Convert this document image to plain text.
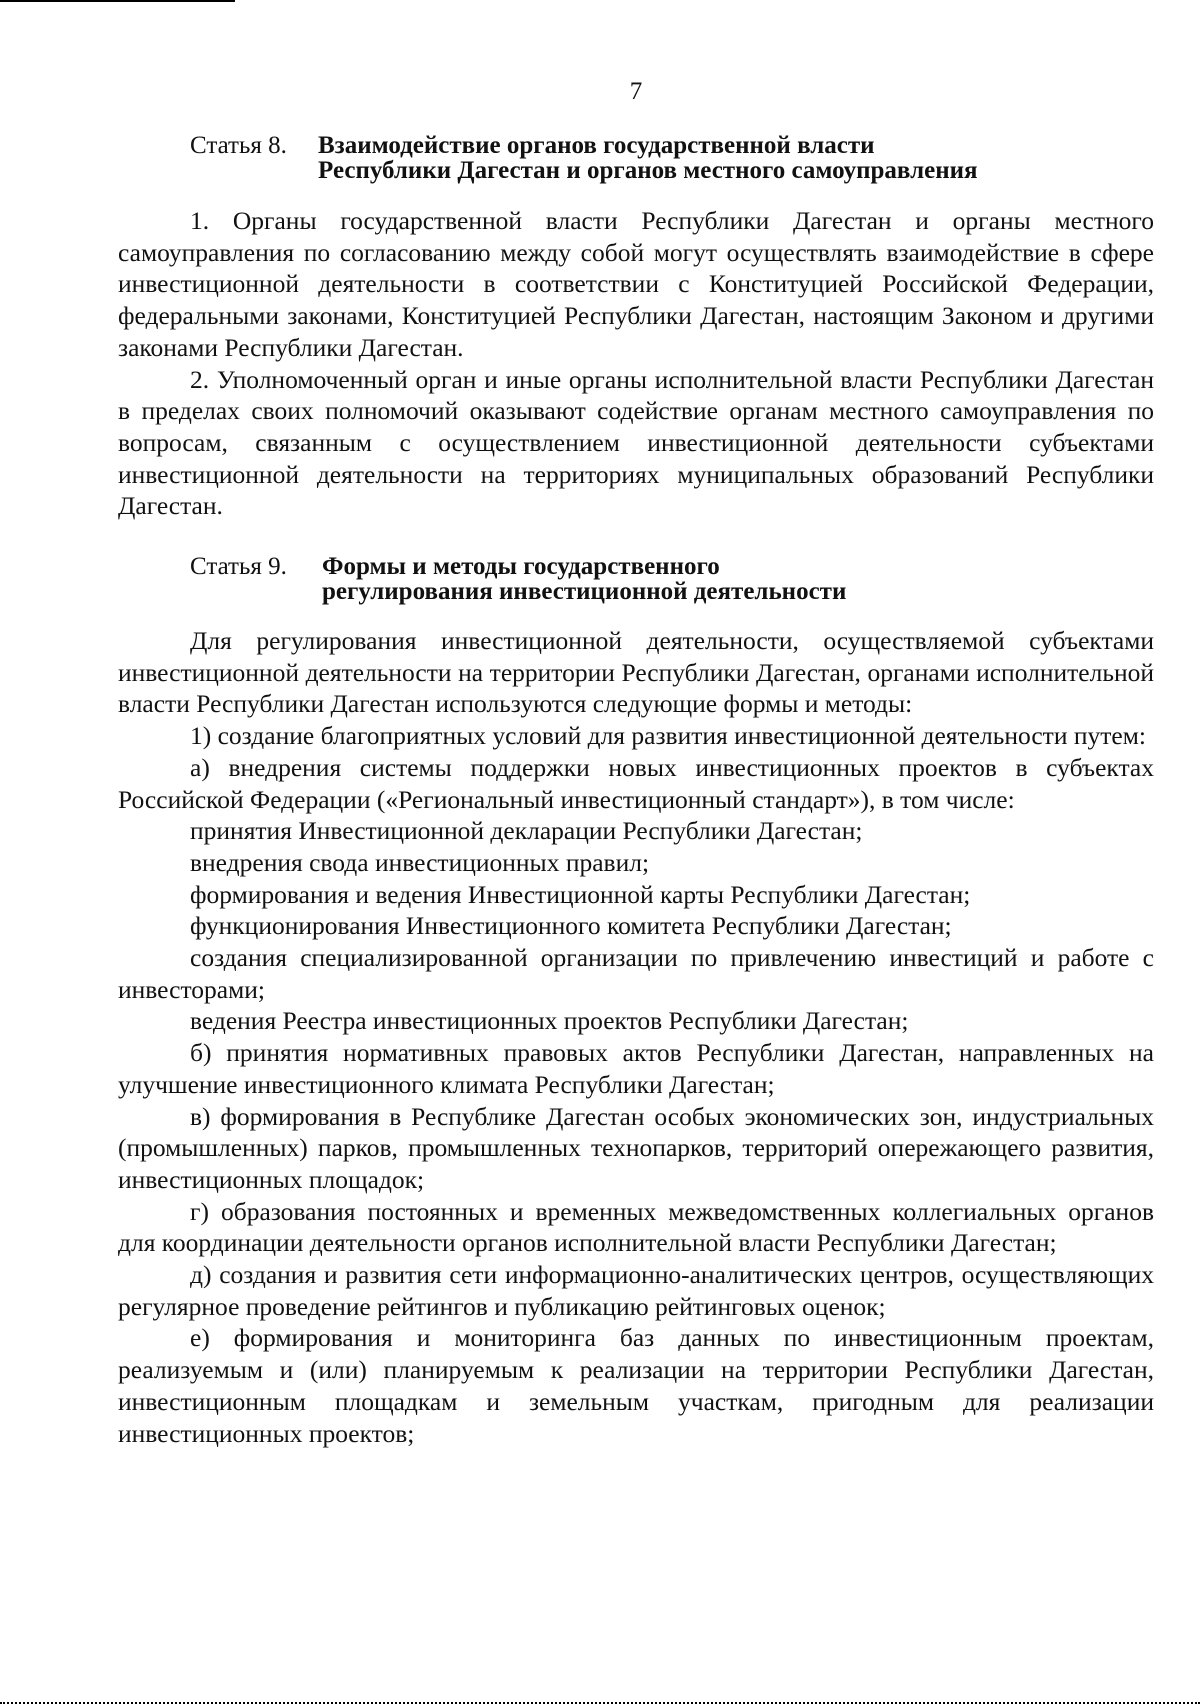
7
Статья 8. Взаимодействие органов государственной власти
Республики Дагестан и органов местного самоуправления

1. Органы государственной власти Республики Дагестан и органы местного самоуправления по согласованию между собой могут осуществлять взаимодействие в сфере инвестиционной деятельности в соответствии с Конституцией Российской Федерации, федеральными законами, Конституцией Республики Дагестан, настоящим Законом и другими законами Республики Дагестан.

2. Уполномоченный орган и иные органы исполнительной власти Республики Дагестан в пределах своих полномочий оказывают содействие органам местного самоуправления по вопросам, связанным с осуществлением инвестиционной деятельности субъектами инвестиционной деятельности на территориях муниципальных образований Республики Дагестан.

Статья 9. Формы и методы государственного
регулирования инвестиционной деятельности

Для регулирования инвестиционной деятельности, осуществляемой субъектами инвестиционной деятельности на территории Республики Дагестан, органами исполнительной власти Республики Дагестан используются следующие формы и методы:

1) создание благоприятных условий для развития инвестиционной деятельности путем:

а) внедрения системы поддержки новых инвестиционных проектов в субъектах Российской Федерации («Региональный инвестиционный стандарт»), в том числе:

принятия Инвестиционной декларации Республики Дагестан;

внедрения свода инвестиционных правил;

формирования и ведения Инвестиционной карты Республики Дагестан;

функционирования Инвестиционного комитета Республики Дагестан;

создания специализированной организации по привлечению инвестиций и работе с инвесторами;

ведения Реестра инвестиционных проектов Республики Дагестан;

б) принятия нормативных правовых актов Республики Дагестан, направленных на улучшение инвестиционного климата Республики Дагестан;

в) формирования в Республике Дагестан особых экономических зон, индустриальных (промышленных) парков, промышленных технопарков, территорий опережающего развития, инвестиционных площадок;

г) образования постоянных и временных межведомственных коллегиальных органов для координации деятельности органов исполнительной власти Республики Дагестан;

д) создания и развития сети информационно-аналитических центров, осуществляющих регулярное проведение рейтингов и публикацию рейтинговых оценок;

е) формирования и мониторинга баз данных по инвестиционным проектам, реализуемым и (или) планируемым к реализации на территории Республики Дагестан, инвестиционным площадкам и земельным участкам, пригодным для реализации инвестиционных проектов;
